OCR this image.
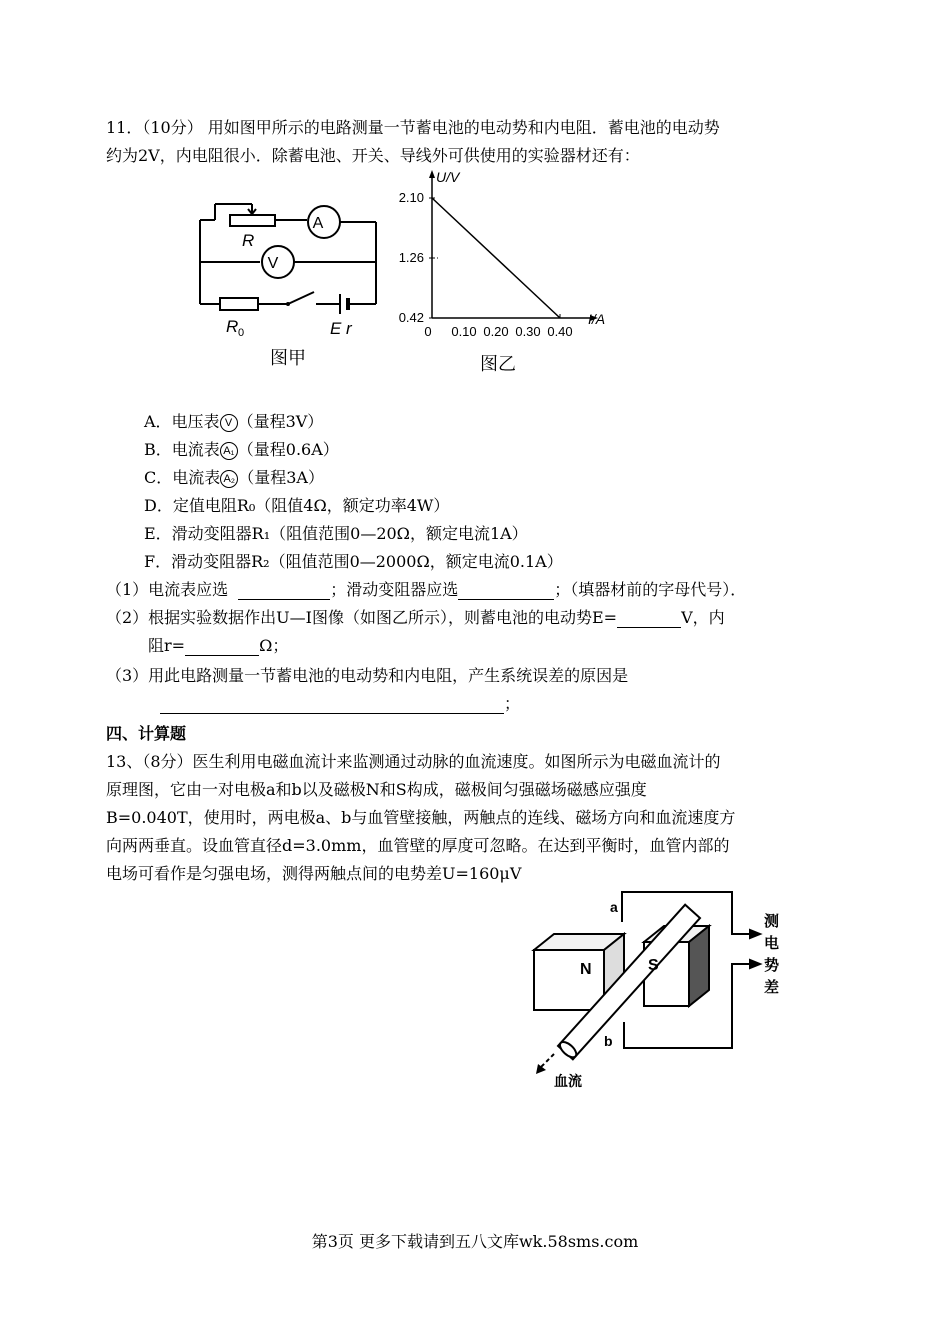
11．（10分） 用如图甲所示的电路测量一节蓄电池的电动势和内电阻．蓄电池的电动势
约为2V，内电阻很小．除蓄电池、开关、导线外可供使用的实验器材还有：
A
V
R
R 0	E r
图甲
0 0.10 0.20 0.30 0.40
2.10
1.26
0.42
U/V
I/A
图乙
A．电压表 V （量程3V）
B．电流表 A₁ （量程0.6A）
C．电流表 A₂ （量程3A）
D．定值电阻R₀（阻值4Ω，额定功率4W）
E．滑动变阻器R₁（阻值范围0—20Ω，额定电流1A）
F．滑动变阻器R₂（阻值范围0—2000Ω，额定电流0.1A）
（1）电流表应选	；滑动变阻器应选	；（填器材前的字母代号）．
（2）根据实验数据作出U—I图像（如图乙所示），则蓄电池的电动势E=	V，内
阻r=	Ω；
（3）用此电路测量一节蓄电池的电动势和内电阻，产生系统误差的原因是
；
四、计算题
13、（8分）医生利用电磁血流计来监测通过动脉的血流速度。如图所示为电磁血流计的
原理图，它由一对电极a和b以及磁极N和S构成，磁极间匀强磁场磁感应强度
B=0.040T，使用时，两电极a、b与血管壁接触，两触点的连线、磁场方向和血流速度方
向两两垂直。设血管直径d=3.0mm，血管壁的厚度可忽略。在达到平衡时，血管内部的
电场可看作是匀强电场，测得两触点间的电势差U=160μV
a
b
N	S
血流
测
电
势
差
第3页 更多下载请到五八文库wk.58sms.com
